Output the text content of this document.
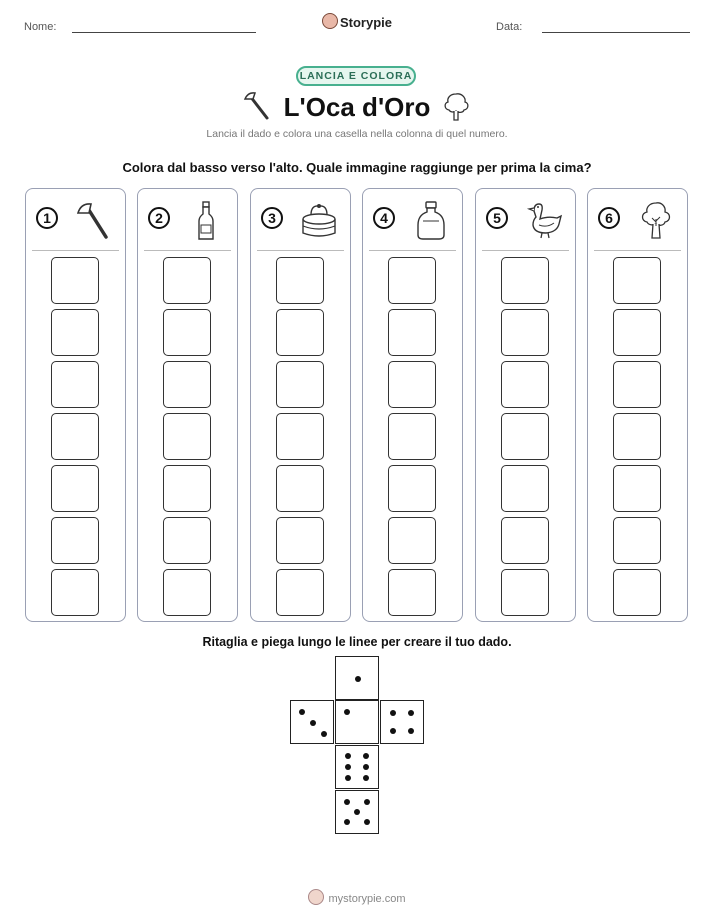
Nome:	Storypie	Data:
LANCIA E COLORA
L'Oca d'Oro
Lancia il dado e colora una casella nella colonna di quel numero.
Colora dal basso verso l'alto. Quale immagine raggiunge per prima la cima?
1	2	3	4	5	6
Ritaglia e piega lungo le linee per creare il tuo dado.
mystorypie.com
